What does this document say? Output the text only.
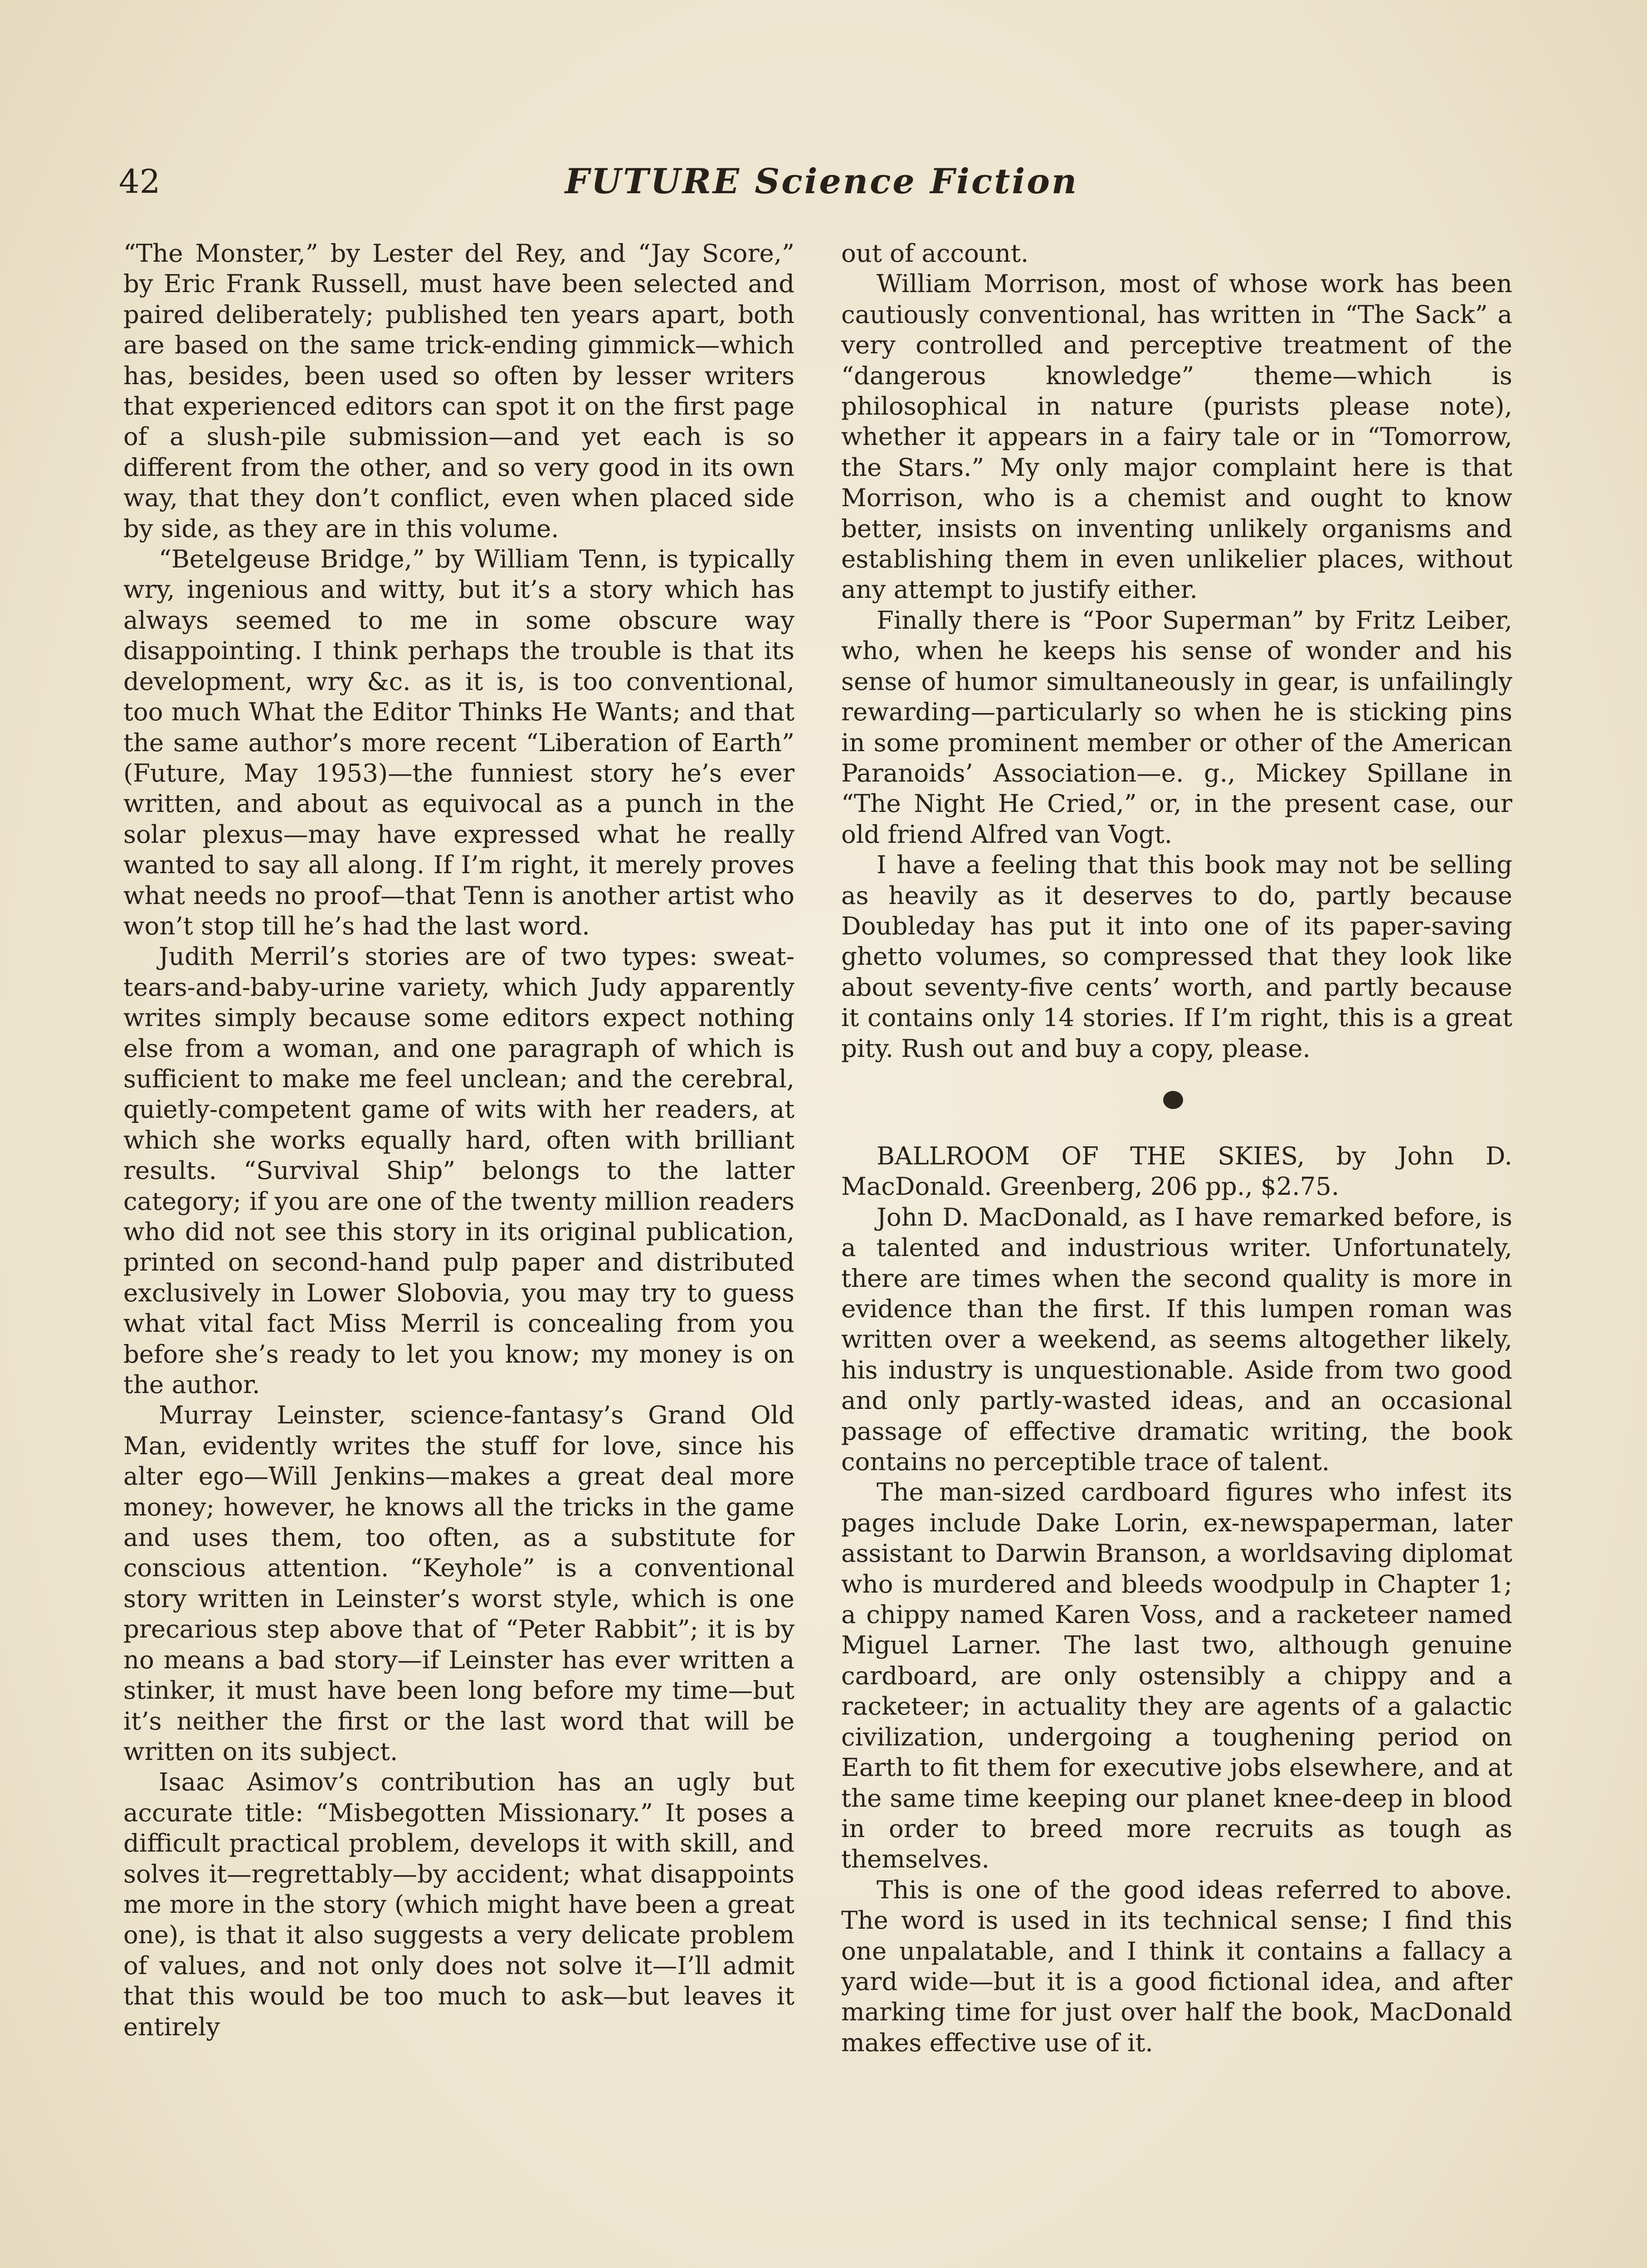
42	FUTURE Science Fiction

“The Monster,” by Lester del Rey, and “Jay Score,” by Eric Frank Russell, must have been selected and paired deliberately; published ten years apart, both are based on the same trick-ending gimmick—which has, besides, been used so often by lesser writers that experienced editors can spot it on the first page of a slush-pile submission—and yet each is so different from the other, and so very good in its own way, that they don’t conflict, even when placed side by side, as they are in this volume.

“Betelgeuse Bridge,” by William Tenn, is typically wry, ingenious and witty, but it’s a story which has always seemed to me in some obscure way disappointing. I think perhaps the trouble is that its development, wry &c. as it is, is too conventional, too much What the Editor Thinks He Wants; and that the same author’s more recent “Liberation of Earth” (Future, May 1953)—the funniest story he’s ever written, and about as equivocal as a punch in the solar plexus—may have expressed what he really wanted to say all along. If I’m right, it merely proves what needs no proof—that Tenn is another artist who won’t stop till he’s had the last word.

Judith Merril’s stories are of two types: sweat-tears-and-baby-urine variety, which Judy apparently writes simply because some editors expect nothing else from a woman, and one paragraph of which is sufficient to make me feel unclean; and the cerebral, quietly-competent game of wits with her readers, at which she works equally hard, often with brilliant results. “Survival Ship” belongs to the latter category; if you are one of the twenty million readers who did not see this story in its original publication, printed on second-hand pulp paper and distributed exclusively in Lower Slobovia, you may try to guess what vital fact Miss Merril is concealing from you before she’s ready to let you know; my money is on the author.

Murray Leinster, science-fantasy’s Grand Old Man, evidently writes the stuff for love, since his alter ego—Will Jenkins—makes a great deal more money; however, he knows all the tricks in the game and uses them, too often, as a substitute for conscious attention. “Keyhole” is a conventional story written in Leinster’s worst style, which is one precarious step above that of “Peter Rabbit”; it is by no means a bad story—if Leinster has ever written a stinker, it must have been long before my time—but it’s neither the first or the last word that will be written on its subject.

Isaac Asimov’s contribution has an ugly but accurate title: “Misbegotten Missionary.” It poses a difficult practical problem, develops it with skill, and solves it—regrettably—by accident; what disappoints me more in the story (which might have been a great one), is that it also suggests a very delicate problem of values, and not only does not solve it—I’ll admit that this would be too much to ask—but leaves it entirely

out of account.

William Morrison, most of whose work has been cautiously conventional, has written in “The Sack” a very controlled and perceptive treatment of the “dangerous knowledge” theme—which is philosophical in nature (purists please note), whether it appears in a fairy tale or in “Tomorrow, the Stars.” My only major complaint here is that Morrison, who is a chemist and ought to know better, insists on inventing unlikely organisms and establishing them in even unlikelier places, without any attempt to justify either.

Finally there is “Poor Superman” by Fritz Leiber, who, when he keeps his sense of wonder and his sense of humor simultaneously in gear, is unfailingly rewarding—particularly so when he is sticking pins in some prominent member or other of the American Paranoids’ Association—e. g., Mickey Spillane in “The Night He Cried,” or, in the present case, our old friend Alfred van Vogt.

I have a feeling that this book may not be selling as heavily as it deserves to do, partly because Doubleday has put it into one of its paper-saving ghetto volumes, so compressed that they look like about seventy-five cents’ worth, and partly because it contains only 14 stories. If I’m right, this is a great pity. Rush out and buy a copy, please.

BALLROOM OF THE SKIES, by John D. MacDonald. Greenberg, 206 pp., $2.75.

John D. MacDonald, as I have remarked before, is a talented and industrious writer. Unfortunately, there are times when the second quality is more in evidence than the first. If this lumpen roman was written over a weekend, as seems altogether likely, his industry is unquestionable. Aside from two good and only partly-wasted ideas, and an occasional passage of effective dramatic writing, the book contains no perceptible trace of talent.

The man-sized cardboard figures who infest its pages include Dake Lorin, ex-newspaperman, later assistant to Darwin Branson, a worldsaving diplomat who is murdered and bleeds woodpulp in Chapter 1; a chippy named Karen Voss, and a racketeer named Miguel Larner. The last two, although genuine cardboard, are only ostensibly a chippy and a racketeer; in actuality they are agents of a galactic civilization, undergoing a toughening period on Earth to fit them for executive jobs elsewhere, and at the same time keeping our planet knee-deep in blood in order to breed more recruits as tough as themselves.

This is one of the good ideas referred to above. The word is used in its technical sense; I find this one unpalatable, and I think it contains a fallacy a yard wide—but it is a good fictional idea, and after marking time for just over half the book, MacDonald makes effective use of it.
